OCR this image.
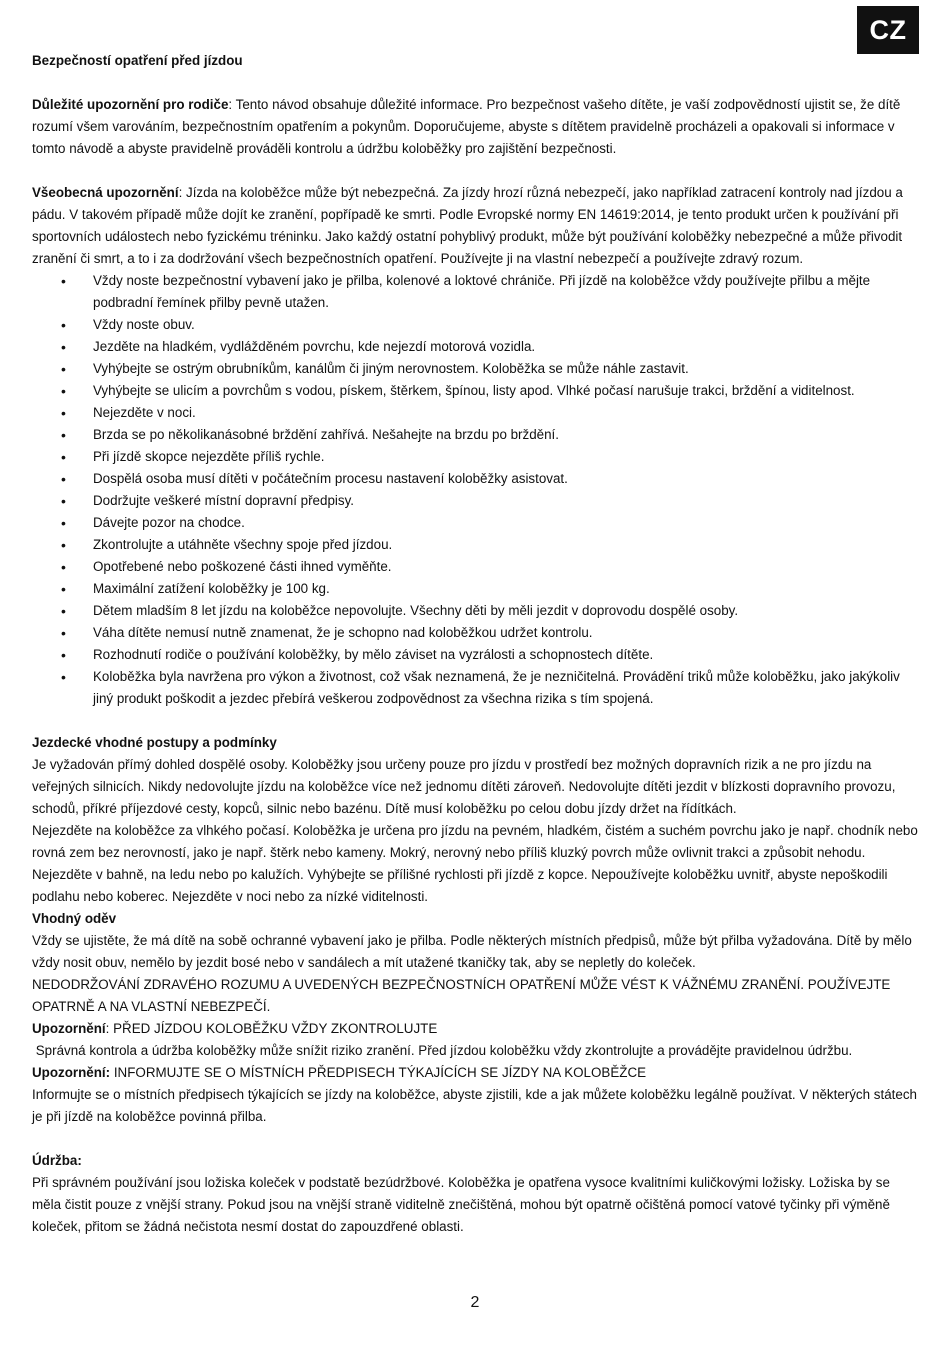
CZ

Bezpečností opatření před jízdou

Důležité upozornění pro rodiče: Tento návod obsahuje důležité informace. Pro bezpečnost vašeho dítěte, je vaší zodpovědností ujistit se, že dítě rozumí všem varováním, bezpečnostním opatřením a pokynům. Doporučujeme, abyste s dítětem pravidelně procházeli a opakovali si informace v tomto návodě a abyste pravidelně prováděli kontrolu a údržbu koloběžky pro zajištění bezpečnosti.

Všeobecná upozornění: Jízda na koloběžce může být nebezpečná. Za jízdy hrozí různá nebezpečí, jako například zatracení kontroly nad jízdou a pádu. V takovém případě může dojít ke zranění, popřípadě ke smrti. Podle Evropské normy EN 14619:2014, je tento produkt určen k používání při sportovních událostech nebo fyzickému tréninku. Jako každý ostatní pohyblivý produkt, může být používání koloběžky nebezpečné a může přivodit zranění či smrt, a to i za dodržování všech bezpečnostních opatření. Používejte ji na vlastní nebezpečí a používejte zdravý rozum.

• Vždy noste bezpečnostní vybavení jako je přilba, kolenové a loktové chrániče. Při jízdě na koloběžce vždy používejte přilbu a mějte podbradní řemínek přilby pevně utažen.
• Vždy noste obuv.
• Jezděte na hladkém, vydlážděném povrchu, kde nejezdí motorová vozidla.
• Vyhýbejte se ostrým obrubníkům, kanálům či jiným nerovnostem. Koloběžka se může náhle zastavit.
• Vyhýbejte se ulicím a povrchům s vodou, pískem, štěrkem, špínou, listy apod. Vlhké počasí narušuje trakci, brždění a viditelnost.
• Nejezděte v noci.
• Brzda se po několikanásobné brždění zahřívá. Nešahejte na brzdu po brždění.
• Při jízdě skopce nejezděte příliš rychle.
• Dospělá osoba musí dítěti v počátečním procesu nastavení koloběžky asistovat.
• Dodržujte veškeré místní dopravní předpisy.
• Dávejte pozor na chodce.
• Zkontrolujte a utáhněte všechny spoje před jízdou.
• Opotřebené nebo poškozené části ihned vyměňte.
• Maximální zatížení koloběžky je 100 kg.
• Dětem mladším 8 let jízdu na koloběžce nepovolujte. Všechny děti by měli jezdit v doprovodu dospělé osoby.
• Váha dítěte nemusí nutně znamenat, že je schopno nad koloběžkou udržet kontrolu.
• Rozhodnutí rodiče o používání koloběžky, by mělo záviset na vyzrálosti a schopnostech dítěte.
• Koloběžka byla navržena pro výkon a životnost, což však neznamená, že je nezničitelná. Provádění triků může koloběžku, jako jakýkoliv jiný produkt poškodit a jezdec přebírá veškerou zodpovědnost za všechna rizika s tím spojená.

Jezdecké vhodné postupy a podmínky

Je vyžadován přímý dohled dospělé osoby. Koloběžky jsou určeny pouze pro jízdu v prostředí bez možných dopravních rizik a ne pro jízdu na veřejných silnicích. Nikdy nedovolujte jízdu na koloběžce více než jednomu dítěti zároveň. Nedovolujte dítěti jezdit v blízkosti dopravního provozu, schodů, příkré příjezdové cesty, kopců, silnic nebo bazénu. Dítě musí koloběžku po celou dobu jízdy držet na řídítkách.

Nejezděte na koloběžce za vlhkého počasí. Koloběžka je určena pro jízdu na pevném, hladkém, čistém a suchém povrchu jako je např. chodník nebo rovná zem bez nerovností, jako je např. štěrk nebo kameny. Mokrý, nerovný nebo příliš kluzký povrch může ovlivnit trakci a způsobit nehodu.

Nejezděte v bahně, na ledu nebo po kalužích. Vyhýbejte se přílišné rychlosti při jízdě z kopce. Nepoužívejte koloběžku uvnitř, abyste nepoškodili podlahu nebo koberec. Nejezděte v noci nebo za nízké viditelnosti.

Vhodný oděv

Vždy se ujistěte, že má dítě na sobě ochranné vybavení jako je přilba. Podle některých místních předpisů, může být přilba vyžadována. Dítě by mělo vždy nosit obuv, nemělo by jezdit bosé nebo v sandálech a mít utažené tkaničky tak, aby se nepletly do koleček.

NEDODRŽOVÁNÍ ZDRAVÉHO ROZUMU A UVEDENÝCH BEZPEČNOSTNÍCH OPATŘENÍ MŮŽE VÉST K VÁŽNÉMU ZRANĚNÍ. POUŽÍVEJTE OPATRNĚ A NA VLASTNÍ NEBEZPEČÍ.

Upozornění: PŘED JÍZDOU KOLOBĚŽKU VŽDY ZKONTROLUJTE

Správná kontrola a údržba koloběžky může snížit riziko zranění. Před jízdou koloběžku vždy zkontrolujte a provádějte pravidelnou údržbu.

Upozornění: INFORMUJTE SE O MÍSTNÍCH PŘEDPISECH TÝKAJÍCÍCH SE JÍZDY NA KOLOBĚŽCE

Informujte se o místních předpisech týkajících se jízdy na koloběžce, abyste zjistili, kde a jak můžete koloběžku legálně používat. V některých státech je při jízdě na koloběžce povinná přilba.

Údržba:

Při správném používání jsou ložiska koleček v podstatě bezúdržbové. Koloběžka je opatřena vysoce kvalitními kuličkovými ložisky. Ložiska by se měla čistit pouze z vnější strany. Pokud jsou na vnější straně viditelně znečištěná, mohou být opatrně očištěná pomocí vatové tyčinky při výměně koleček, přitom se žádná nečistota nesmí dostat do zapouzdřené oblasti.

2
